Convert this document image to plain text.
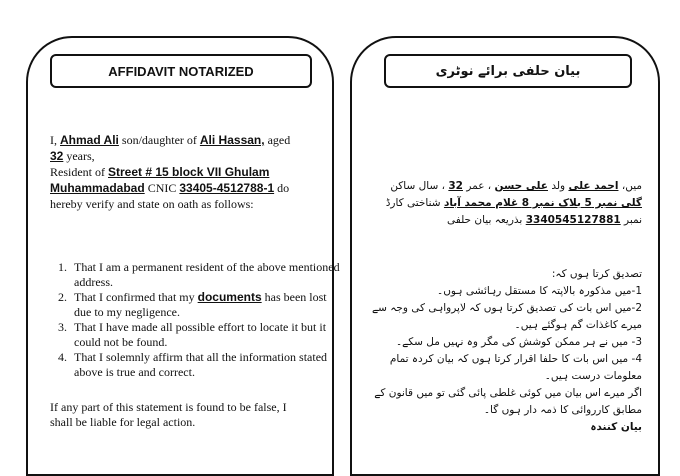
AFFIDAVIT NOTARIZED
I, Ahmad Ali son/daughter of Ali Hassan, aged
32 years,
Resident of Street # 15 block VII Ghulam Muhammadabad CNIC 33405-4512788-1 do hereby verify and state on oath as follows:
1. That I am a permanent resident of the above mentioned address.
2. That I confirmed that my documents has been lost due to my negligence.
3. That I have made all possible effort to locate it but it could not be found.
4. That I solemnly affirm that all the information stated above is true and correct.
If any part of this statement is found to be false, I shall be liable for legal action.
بیان حلفی برائے نوٹری
میں، احمد علی ولد علی حسن ، عمر 32 ، سال ساکن گلی نمبر 5 بلاک نمبر 8 غلام محمد آباد شناختی کارڈ نمبر 3340545127881 بذریعہ بیان حلفی
تصدیق کرتا ہوں کہ:
1-میں مذکورہ بالاپتہ کا مستقل رہائشی ہوں۔
2-میں اس بات کی تصدیق کرتا ہوں کہ لاپرواہی کی وجہ سے میرے کاغذات گم ہوگئے ہیں۔
3- میں نے ہر ممکن کوشش کی مگر وہ نہیں مل سکے۔
4- میں اس بات کا حلفا اقرار کرتا ہوں کہ بیان کردہ تمام معلومات درست ہیں۔
اگر میرے اس بیان میں کوئی غلطی پائی گئی تو میں قانون کے مطابق کارروائی کا ذمہ دار ہوں گا۔
بیان کنندہ
